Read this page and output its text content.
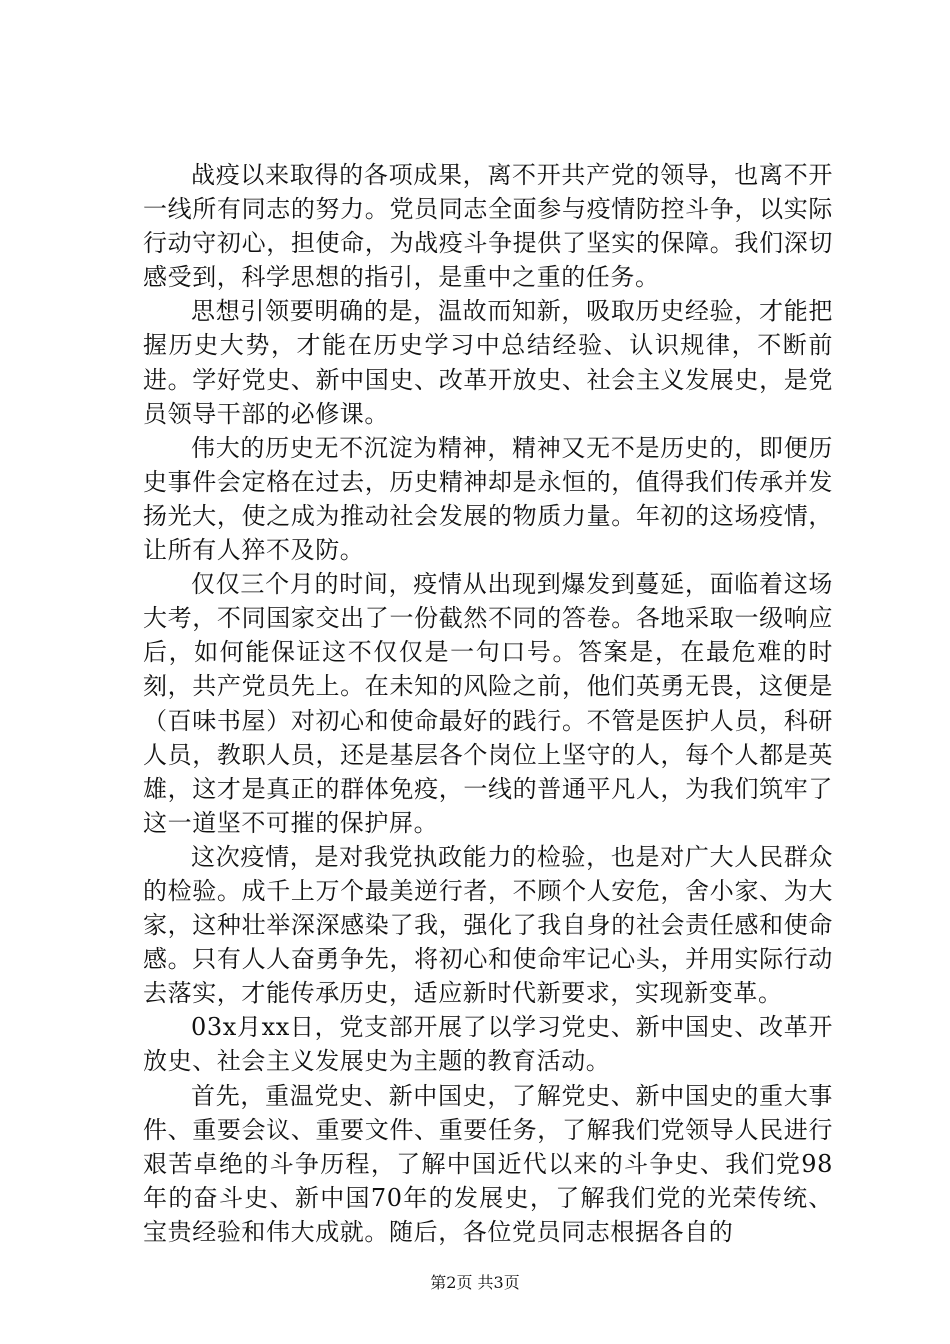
战疫以来取得的各项成果，离不开共产党的领导，也离不开一线所有同志的努力。党员同志全面参与疫情防控斗争，以实际行动守初心，担使命，为战疫斗争提供了坚实的保障。我们深切感受到，科学思想的指引，是重中之重的任务。

思想引领要明确的是，温故而知新，吸取历史经验，才能把握历史大势，才能在历史学习中总结经验、认识规律，不断前进。学好党史、新中国史、改革开放史、社会主义发展史，是党员领导干部的必修课。

伟大的历史无不沉淀为精神，精神又无不是历史的，即便历史事件会定格在过去，历史精神却是永恒的，值得我们传承并发扬光大，使之成为推动社会发展的物质力量。年初的这场疫情，让所有人猝不及防。

仅仅三个月的时间，疫情从出现到爆发到蔓延，面临着这场大考，不同国家交出了一份截然不同的答卷。各地采取一级响应后，如何能保证这不仅仅是一句口号。答案是，在最危难的时刻，共产党员先上。在未知的风险之前，他们英勇无畏，这便是（百味书屋）对初心和使命最好的践行。不管是医护人员，科研人员，教职人员，还是基层各个岗位上坚守的人，每个人都是英雄，这才是真正的群体免疫，一线的普通平凡人，为我们筑牢了这一道坚不可摧的保护屏。

这次疫情，是对我党执政能力的检验，也是对广大人民群众的检验。成千上万个最美逆行者，不顾个人安危，舍小家、为大家，这种壮举深深感染了我，强化了我自身的社会责任感和使命感。只有人人奋勇争先，将初心和使命牢记心头，并用实际行动去落实，才能传承历史，适应新时代新要求，实现新变革。

03x月xx日，党支部开展了以学习党史、新中国史、改革开放史、社会主义发展史为主题的教育活动。

首先，重温党史、新中国史，了解党史、新中国史的重大事件、重要会议、重要文件、重要任务，了解我们党领导人民进行艰苦卓绝的斗争历程，了解中国近代以来的斗争史、我们党98年的奋斗史、新中国70年的发展史，了解我们党的光荣传统、宝贵经验和伟大成就。随后，各位党员同志根据各自的

第2页 共3页
